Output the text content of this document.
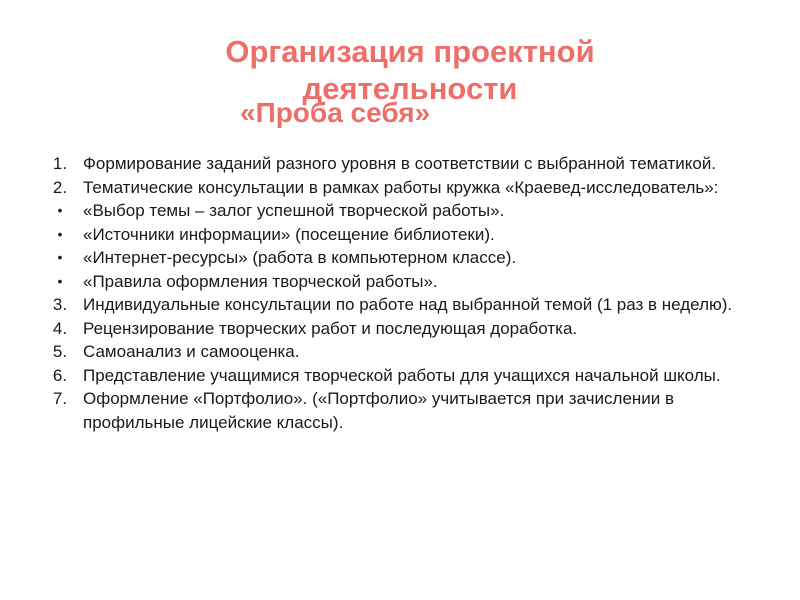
Организация проектной
деятельности
«Проба себя»
1. Формирование заданий разного уровня в соответствии с выбранной тематикой.
2. Тематические консультации в рамках работы кружка «Краевед-исследователь»:
•	«Выбор темы – залог успешной творческой работы».
•	«Источники информации» (посещение библиотеки).
•	«Интернет-ресурсы» (работа в компьютерном классе).
•	«Правила оформления творческой работы».
3. Индивидуальные консультации по работе над выбранной темой (1 раз в неделю).
4. Рецензирование творческих работ и последующая доработка.
5. Самоанализ и самооценка.
6. Представление учащимися творческой работы для учащихся начальной школы.
7. Оформление «Портфолио». («Портфолио» учитывается при зачислении в профильные лицейские классы).
